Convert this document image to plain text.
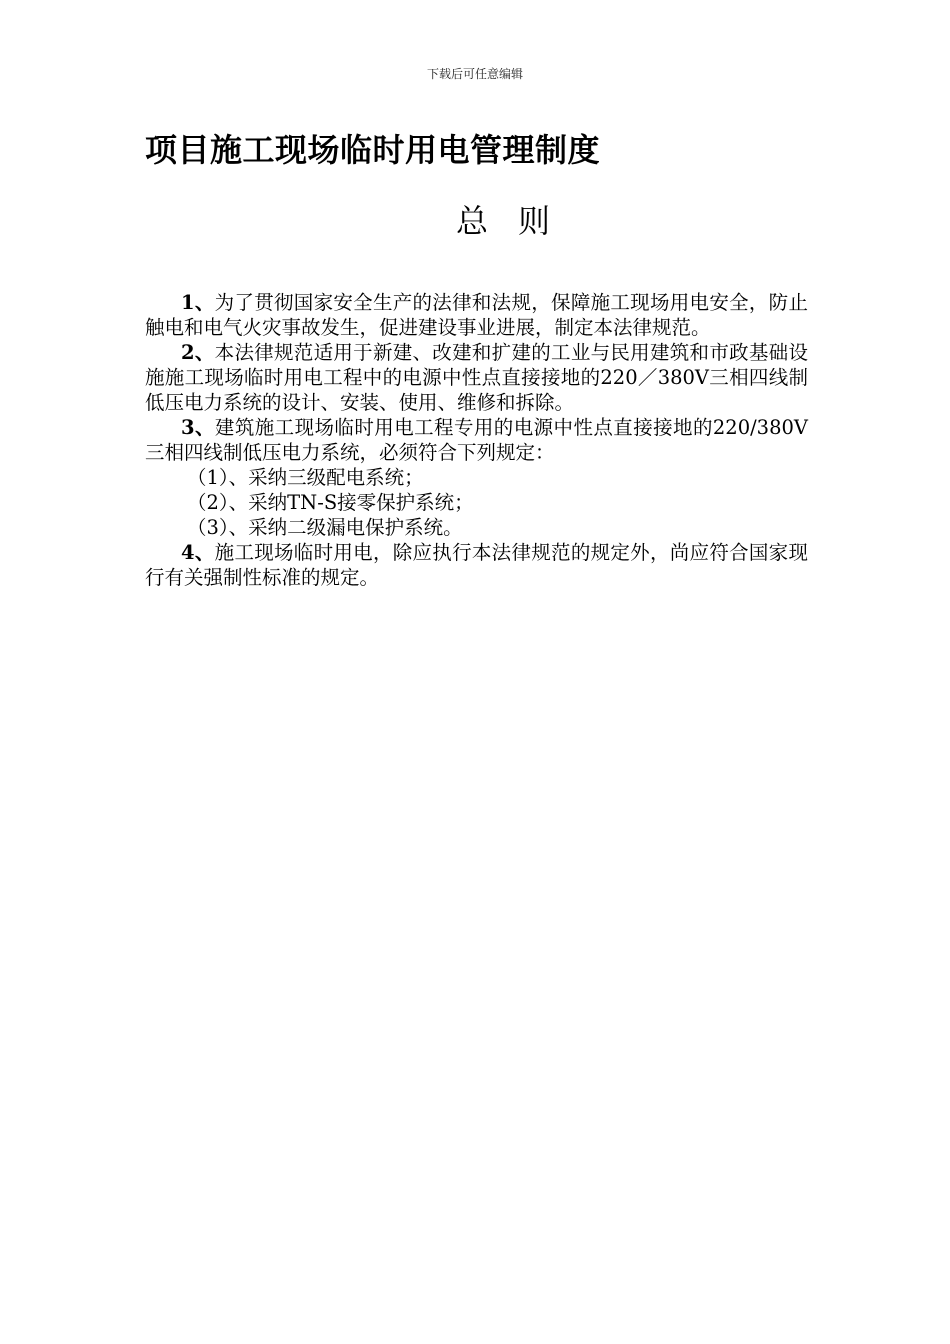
下载后可任意编辑
项目施工现场临时用电管理制度
总 则

1、为了贯彻国家安全生产的法律和法规，保障施工现场用电安全，防止触电和电气火灾事故发生，促进建设事业进展，制定本法律规范。

2、本法律规范适用于新建、改建和扩建的工业与民用建筑和市政基础设施施工现场临时用电工程中的电源中性点直接接地的220／380V三相四线制低压电力系统的设计、安装、使用、维修和拆除。

3、建筑施工现场临时用电工程专用的电源中性点直接接地的220/380V三相四线制低压电力系统，必须符合下列规定：

（1）、采纳三级配电系统；

（2）、采纳TN-S接零保护系统；

（3）、采纳二级漏电保护系统。

4、施工现场临时用电，除应执行本法律规范的规定外，尚应符合国家现行有关强制性标准的规定。
